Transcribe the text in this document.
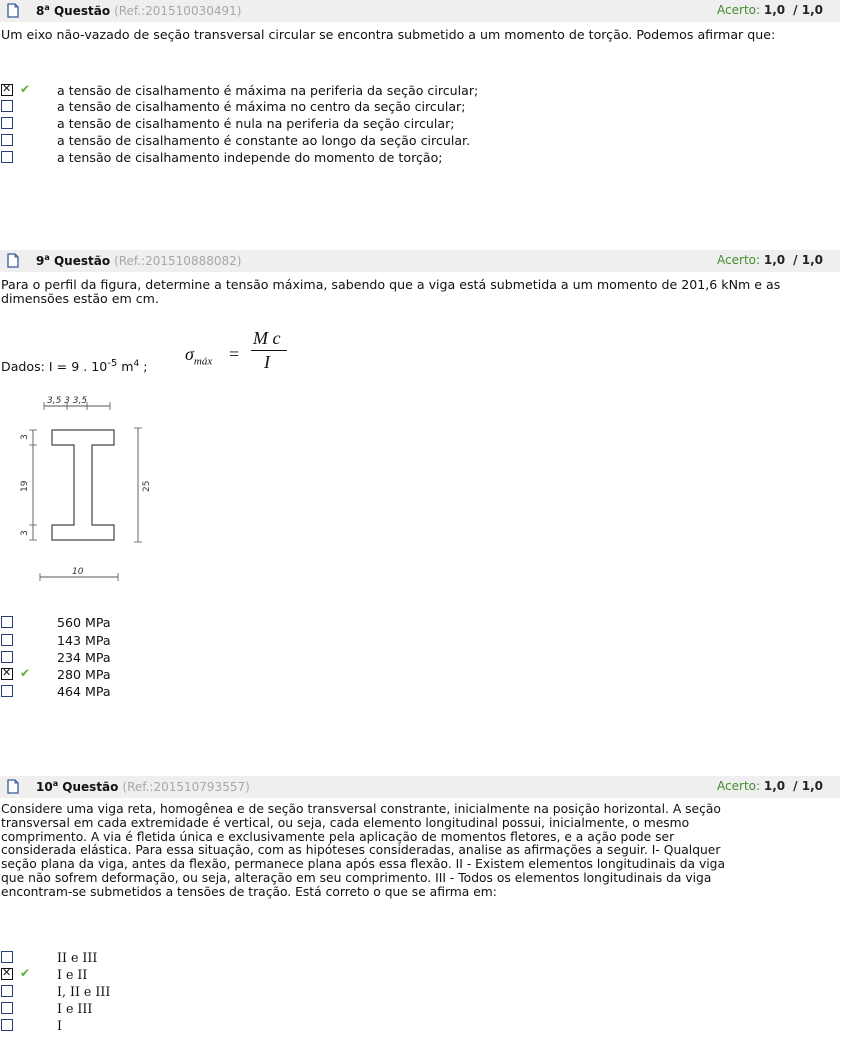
8$^a$ Questão (Ref.:201510030491)	Acerto: 1,0 / 1,0
Um eixo não-vazado de seção transversal circular se encontra submetido a um momento de torção. Podemos afirmar que:
✕
✔ a tensão de cisalhamento é máxima na periferia da seção circular;
a tensão de cisalhamento é máxima no centro da seção circular;
a tensão de cisalhamento é nula na periferia da seção circular;
a tensão de cisalhamento é constante ao longo da seção circular.
a tensão de cisalhamento independe do momento de torção;
9$^a$ Questão (Ref.:201510888082)	Acerto: 1,0 / 1,0
Para o perfil da figura, determine a tensão máxima, sabendo que a viga está submetida a um momento de 201,6 kNm e as dimensões estão em cm.
Dados: I = 9 . $10^{-5}$ $m^4$ ;
$\sigma_{máx}$ =
M c
I
3,5 3 3,5
3
19
3
25
10
560 MPa
143 MPa
234 MPa
✕
✔ 280 MPa
464 MPa
10$^a$ Questão (Ref.:201510793557)	Acerto: 1,0 / 1,0
Considere uma viga reta, homogênea e de seção transversal constrante, inicialmente na posição horizontal. A seção
transversal em cada extremidade é vertical, ou seja, cada elemento longitudinal possui, inicialmente, o mesmo
comprimento. A via é fletida única e exclusivamente pela aplicação de momentos fletores, e a ação pode ser
considerada elástica. Para essa situação, com as hipóteses consideradas, analise as afirmações a seguir. I- Qualquer
seção plana da viga, antes da flexão, permanece plana após essa flexão. II - Existem elementos longitudinais da viga
que não sofrem deformação, ou seja, alteração em seu comprimento. III - Todos os elementos longitudinais da viga
encontram-se submetidos a tensões de tração. Está correto o que se afirma em:
II e III
✕
✔ I e II
I, II e III
I e III
I
